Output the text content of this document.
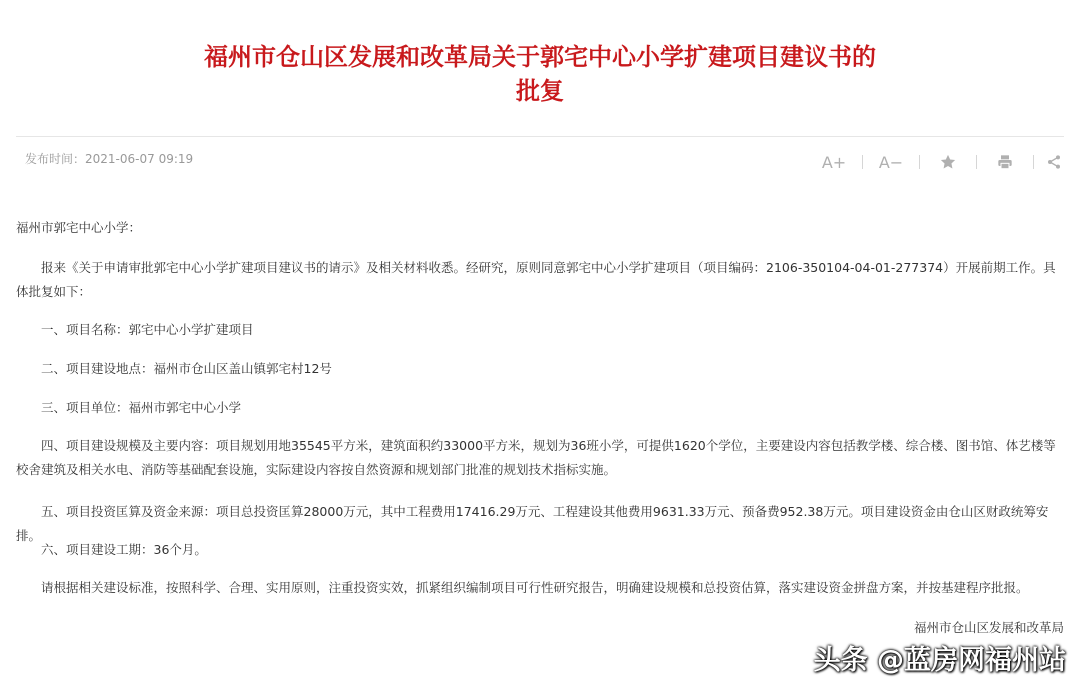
福州市仓山区发展和改革局关于郭宅中心小学扩建项目建议书的
批复
发布时间：2021-06-07 09:19	A+ A−
福州市郭宅中心小学：
报来《关于申请审批郭宅中心小学扩建项目建议书的请示》及相关材料收悉。经研究，原则同意郭宅中心小学扩建项目（项目编码：2106-350104-04-01-277374）开展前期工作。具体批复如下：
一、项目名称：郭宅中心小学扩建项目
二、项目建设地点：福州市仓山区盖山镇郭宅村12号
三、项目单位：福州市郭宅中心小学
四、项目建设规模及主要内容：项目规划用地35545平方米，建筑面积约33000平方米，规划为36班小学，可提供1620个学位，主要建设内容包括教学楼、综合楼、图书馆、体艺楼等校舍建筑及相关水电、消防等基础配套设施，实际建设内容按自然资源和规划部门批准的规划技术指标实施。
五、项目投资匡算及资金来源：项目总投资匡算28000万元，其中工程费用17416.29万元、工程建设其他费用9631.33万元、预备费952.38万元。项目建设资金由仓山区财政统筹安排。
六、项目建设工期：36个月。
请根据相关建设标准，按照科学、合理、实用原则，注重投资实效，抓紧组织编制项目可行性研究报告，明确建设规模和总投资估算，落实建设资金拼盘方案，并按基建程序批报。
福州市仓山区发展和改革局
头条 @蓝房网福州站
